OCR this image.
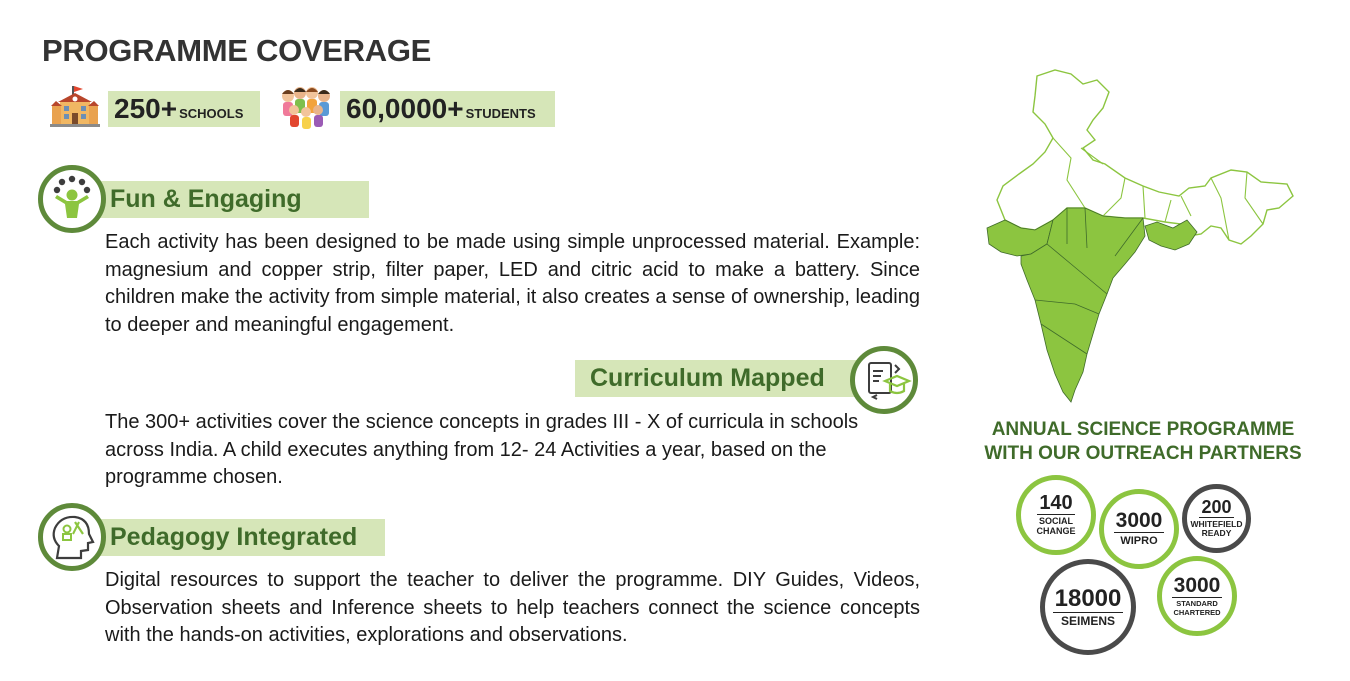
PROGRAMME COVERAGE
250+ SCHOOLS	60,0000+ STUDENTS
Fun & Engaging

Each activity has been designed to be made using simple unprocessed material. Example: magnesium and copper strip, filter paper, LED and citric acid to make a battery. Since children make the activity from simple material, it also creates a sense of ownership, leading to deeper and meaningful engagement.

Curriculum Mapped

The 300+ activities cover the science concepts in grades III - X of curricula in schools across India. A child executes anything from 12- 24 Activities a year, based on the programme chosen.

Pedagogy Integrated

Digital resources to support the teacher to deliver the programme. DIY Guides, Videos, Observation sheets and Inference sheets to help teachers connect the science concepts with the hands-on activities, explorations and observations.

ANNUAL SCIENCE PROGRAMME
WITH OUR OUTREACH PARTNERS
140
SOCIAL
CHANGE 3000
WIPRO
200
WHITEFIELD
READY
18000
SEIMENS
3000
STANDARD
CHARTERED
